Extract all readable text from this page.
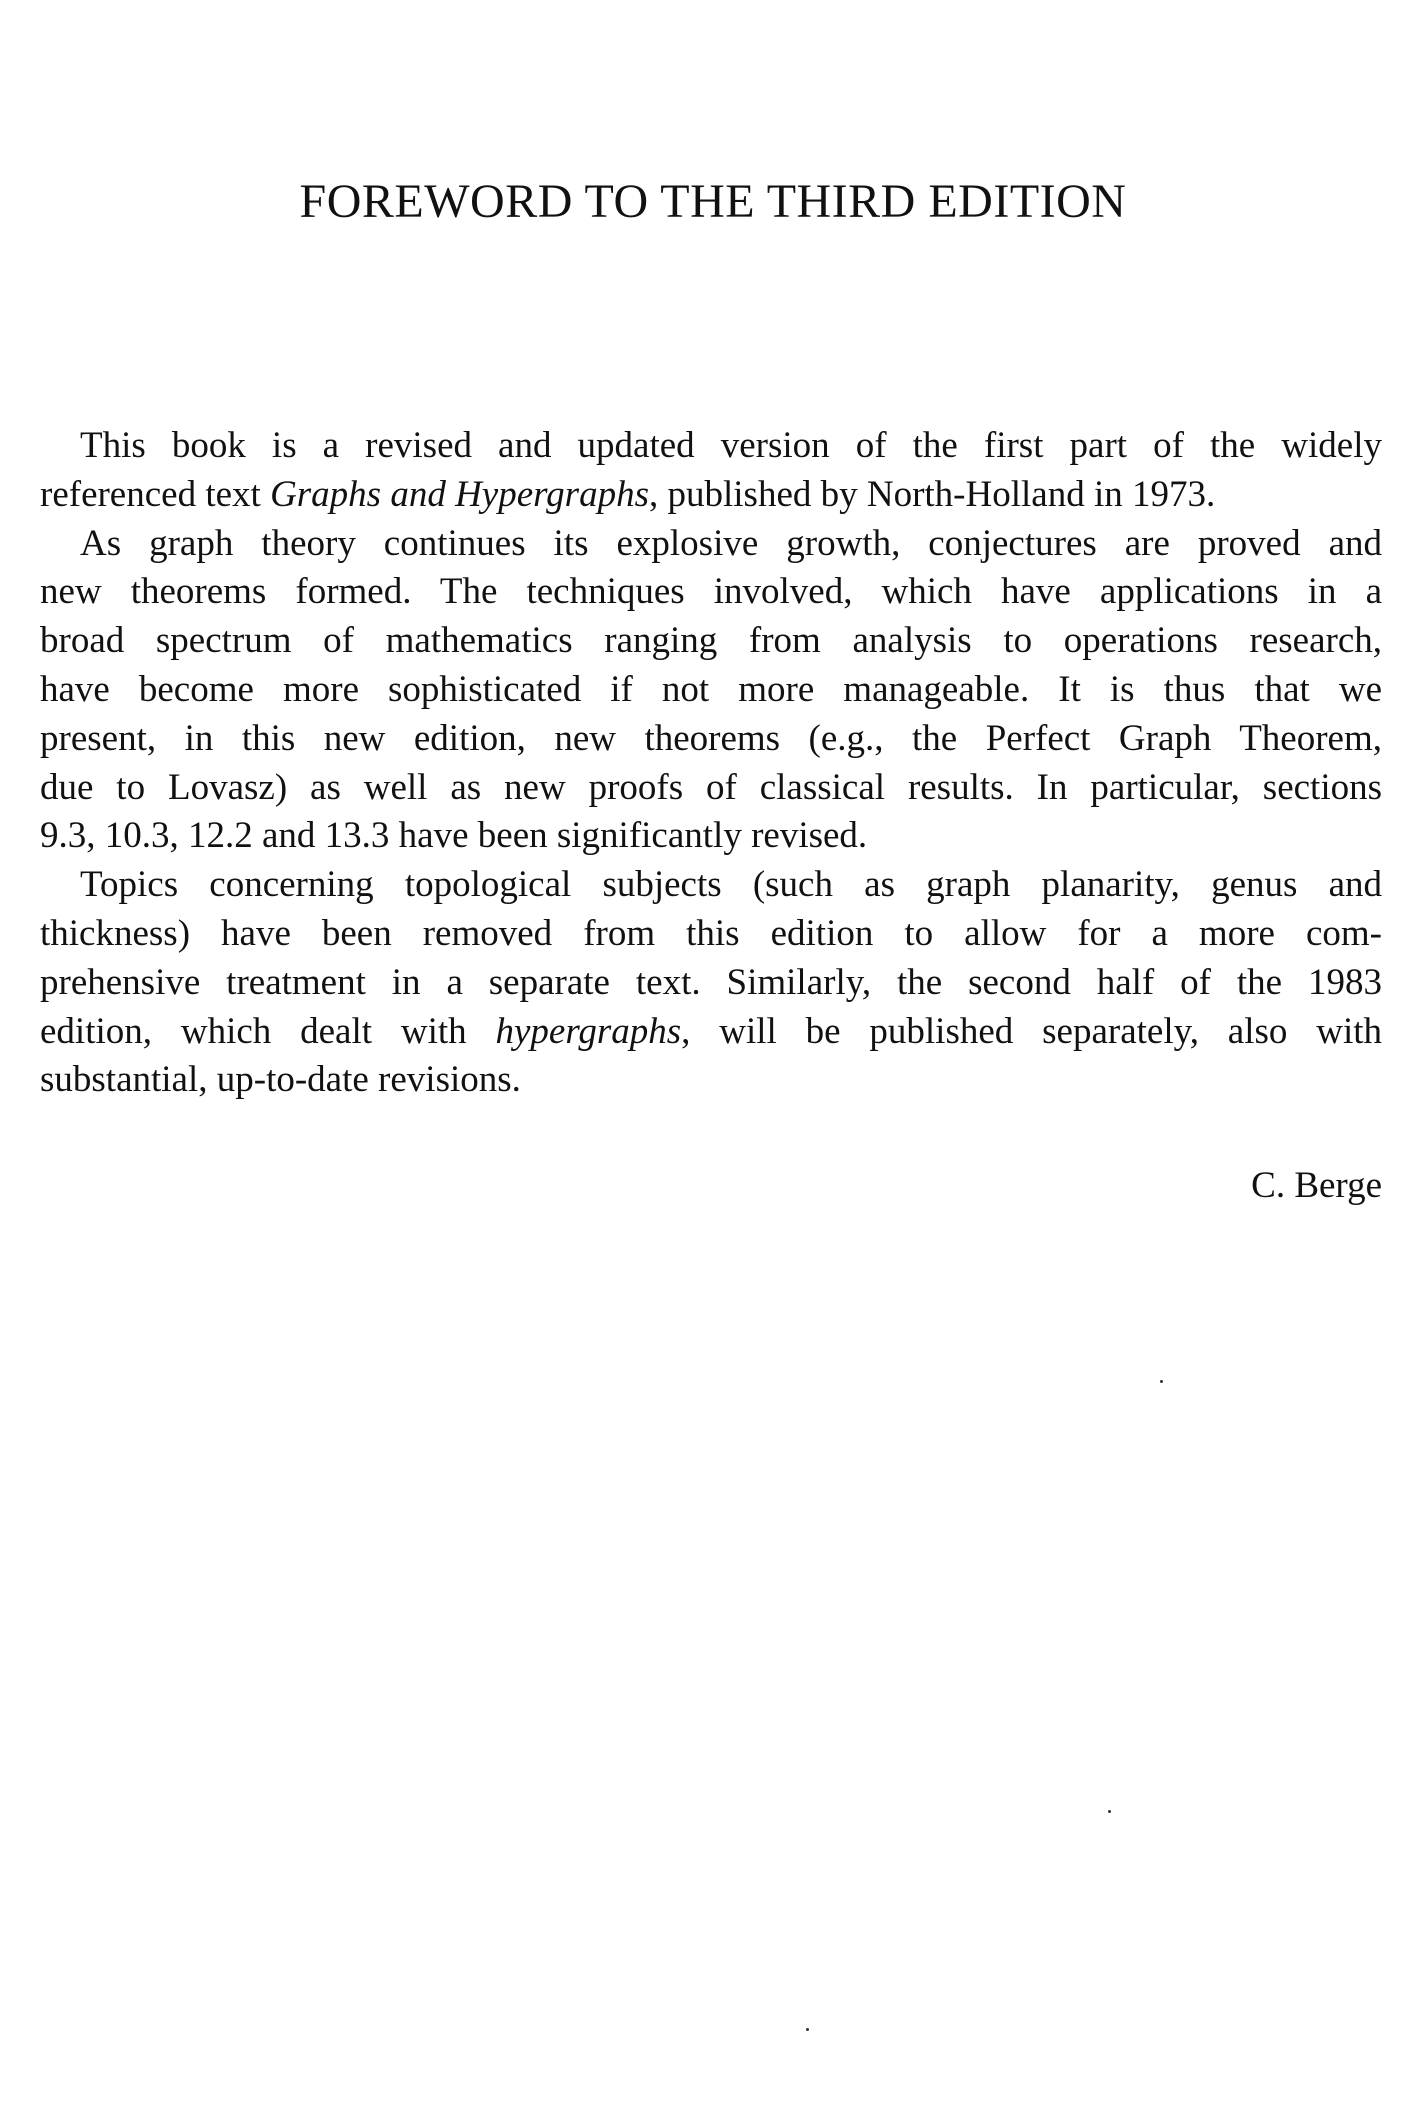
FOREWORD TO THE THIRD EDITION
This book is a revised and updated version of the first part of the widely
referenced text Graphs and Hypergraphs, published by North-Holland in 1973.
As graph theory continues its explosive growth, conjectures are proved and
new theorems formed. The techniques involved, which have applications in a
broad spectrum of mathematics ranging from analysis to operations research,
have become more sophisticated if not more manageable. It is thus that we
present, in this new edition, new theorems (e.g., the Perfect Graph Theorem,
due to Lovasz) as well as new proofs of classical results. In particular, sections
9.3, 10.3, 12.2 and 13.3 have been significantly revised.
Topics concerning topological subjects (such as graph planarity, genus and
thickness) have been removed from this edition to allow for a more com-
prehensive treatment in a separate text. Similarly, the second half of the 1983
edition, which dealt with hypergraphs, will be published separately, also with
substantial, up-to-date revisions.
C. Berge
